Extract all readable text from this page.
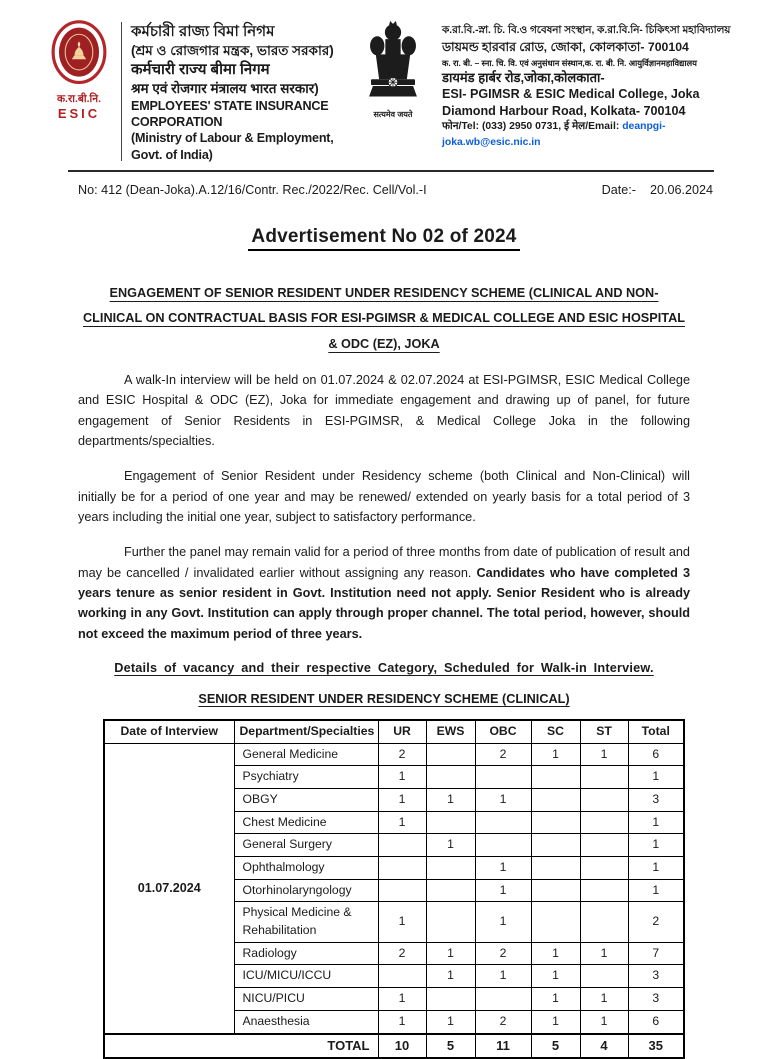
क.रा.बी.नि.
ESIC
কর্মচারী রাজ্য বিমা নিগম
(শ্রম ও রোজগার মন্ত্রক, ভারত সরকার)
कर्मचारी राज्य बीमा निगम
श्रम एवं रोजगार मंत्रालय भारत सरकार)
EMPLOYEES' STATE INSURANCE CORPORATION
(Ministry of Labour & Employment, Govt. of India)
सत्यमेव जयते
ক.রা.বি.-স্না. চি. বি.ও গবেষনা সংস্থান, ক.রা.বি.নি- চিকিৎসা মহাবিদ্যালয়
ডায়মন্ড হারবার রোড, জোকা, কোলকাতা- 700104
क. रा. बी. – स्ना. चि. वि. एवं अनुसंधान संस्थान,क. रा. बी. नि. आयुर्विज्ञानमहाविद्यालय
डायमंड हार्बर रोड,जोका,कोलकाता-
ESI- PGIMSR & ESIC Medical College, Joka
Diamond Harbour Road, Kolkata- 700104
फोन/Tel: (033) 2950 0731, ई मेल/Email: deanpgi-joka.wb@esic.nic.in
No: 412 (Dean-Joka).A.12/16/Contr. Rec./2022/Rec. Cell/Vol.-I	Date:- 20.06.2024
Advertisement No 02 of 2024
ENGAGEMENT OF SENIOR RESIDENT UNDER RESIDENCY SCHEME (CLINICAL AND NON-CLINICAL ON CONTRACTUAL BASIS FOR ESI-PGIMSR & MEDICAL COLLEGE AND ESIC HOSPITAL & ODC (EZ), JOKA

A walk-In interview will be held on 01.07.2024 & 02.07.2024 at ESI-PGIMSR, ESIC Medical College and ESIC Hospital & ODC (EZ), Joka for immediate engagement and drawing up of panel, for future engagement of Senior Residents in ESI-PGIMSR, & Medical College Joka in the following departments/specialties.

Engagement of Senior Resident under Residency scheme (both Clinical and Non-Clinical) will initially be for a period of one year and may be renewed/ extended on yearly basis for a total period of 3 years including the initial one year, subject to satisfactory performance.

Further the panel may remain valid for a period of three months from date of publication of result and may be cancelled / invalidated earlier without assigning any reason. Candidates who have completed 3 years tenure as senior resident in Govt. Institution need not apply. Senior Resident who is already working in any Govt. Institution can apply through proper channel. The total period, however, should not exceed the maximum period of three years.

Details of vacancy and their respective Category, Scheduled for Walk-in Interview.
SENIOR RESIDENT UNDER RESIDENCY SCHEME (CLINICAL)
Date of Interview	Department/Specialties	UR	EWS	OBC	SC	ST	Total
01.07.2024	General Medicine	2		2	1	1	6
	Psychiatry	1					1
	OBGY	1	1	1			3
	Chest Medicine	1					1
	General Surgery		1				1
	Ophthalmology			1			1
	Otorhinolaryngology			1			1
	Physical Medicine & Rehabilitation	1		1			2
	Radiology	2	1	2	1	1	7
	ICU/MICU/ICCU		1	1	1		3
	NICU/PICU	1			1	1	3
	Anaesthesia	1	1	2	1	1	6
TOTAL		10	5	11	5	4	35
